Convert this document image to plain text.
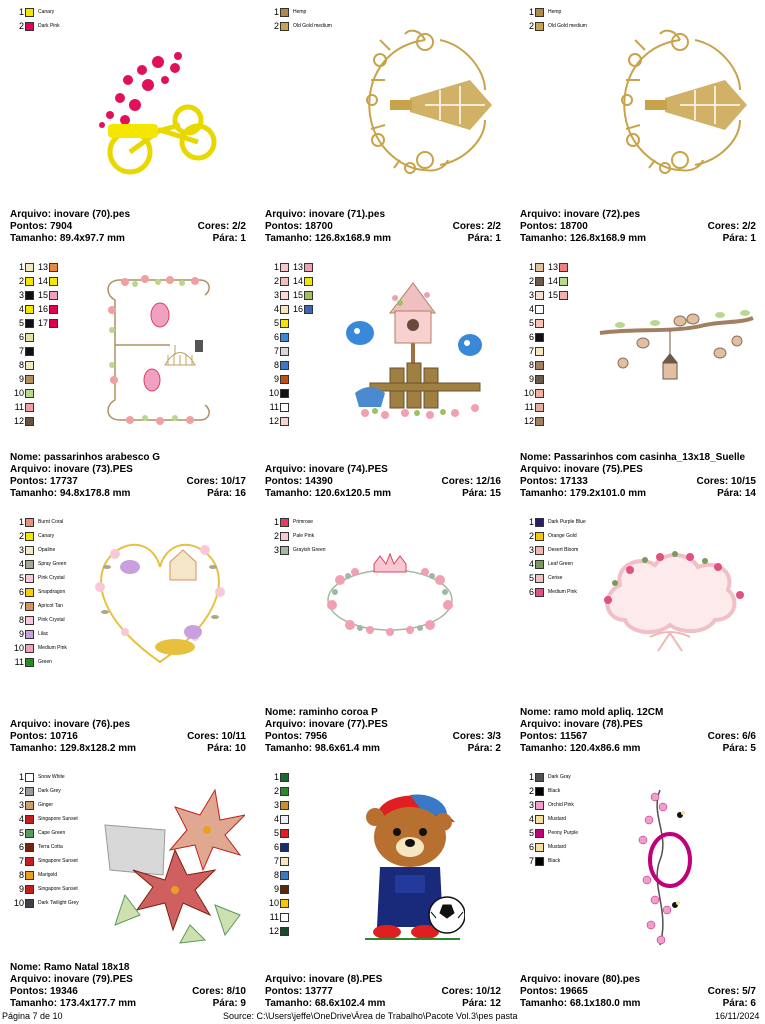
1	Canary
2	Dark Pink
Arquivo: inovare (70).pes
Pontos: 7904	Cores: 2/2
Tamanho: 89.4x97.7 mm	Pára: 1
1	Hemp
2	Old Gold medium
Arquivo: inovare (71).pes
Pontos: 18700	Cores: 2/2
Tamanho: 126.8x168.9 mm	Pára: 1
1	Hemp
2	Old Gold medium
Arquivo: inovare (72).pes
Pontos: 18700	Cores: 2/2
Tamanho: 126.8x168.9 mm	Pára: 1
1
2
3
4
5
6
7
8
9
10
11
12
13
14
15
16
17
Nome: passarinhos arabesco G
Arquivo: inovare (73).PES
Pontos: 17737	Cores: 10/17
Tamanho: 94.8x178.8 mm	Pára: 16
1
2
3
4
5
6
7
8
9
10
11
12
13
14
15
16
Arquivo: inovare (74).PES
Pontos: 14390	Cores: 12/16
Tamanho: 120.6x120.5 mm	Pára: 15
1
2
3
4
5
6
7
8
9
10
11
12
13
14
15
Nome: Passarinhos com casinha_13x18_Suelle
Arquivo: inovare (75).PES
Pontos: 17133	Cores: 10/15
Tamanho: 179.2x101.0 mm	Pára: 14
1	Burnt Coral
2	Canary
3	Opaline
4	Spray Green
5	Pink Crystal
6	Snapdragon
7	Apricot Tan
8	Pink Crystal
9	Lilac
10	Medium Pink
11	Green
Arquivo: inovare (76).pes
Pontos: 10716	Cores: 10/11
Tamanho: 129.8x128.2 mm	Pára: 10
1	Primrose
2	Pale Pink
3	Grayish Green
Nome: raminho coroa P
Arquivo: inovare (77).PES
Pontos: 7956	Cores: 3/3
Tamanho: 98.6x61.4 mm	Pára: 2
1	Dark Purple Blue
2	Orange Gold
3	Desert Bloom
4	Leaf Green
5	Cerise
6	Medium Pink
Nome: ramo mold apliq. 12CM
Arquivo: inovare (78).PES
Pontos: 11567	Cores: 6/6
Tamanho: 120.4x86.6 mm	Pára: 5
1	Snow White
2	Dark Grey
3	Ginger
4	Singapore Sunset
5	Cape Green
6	Terra Cotta
7	Singapore Sunset
8	Marigold
9	Singapore Sunset
10	Dark Twilight Grey
Nome: Ramo Natal 18x18
Arquivo: inovare (79).PES
Pontos: 19346	Cores: 8/10
Tamanho: 173.4x177.7 mm	Pára: 9
1
2
3
4
5
6
7
8
9
10
11
12
Arquivo: inovare (8).PES
Pontos: 13777	Cores: 10/12
Tamanho: 68.6x102.4 mm	Pára: 12
1	Dark Gray
2	Black
3	Orchid Pink
4	Mustard
5	Peony Purple
6	Mustard
7	Black
Arquivo: inovare (80).pes
Pontos: 19665	Cores: 5/7
Tamanho: 68.1x180.0 mm	Pára: 6
Página 7 de 10	Source: C:\Users\jeffe\OneDrive\Área de Trabalho\Pacote Vol.3\pes pasta	16/11/2024
